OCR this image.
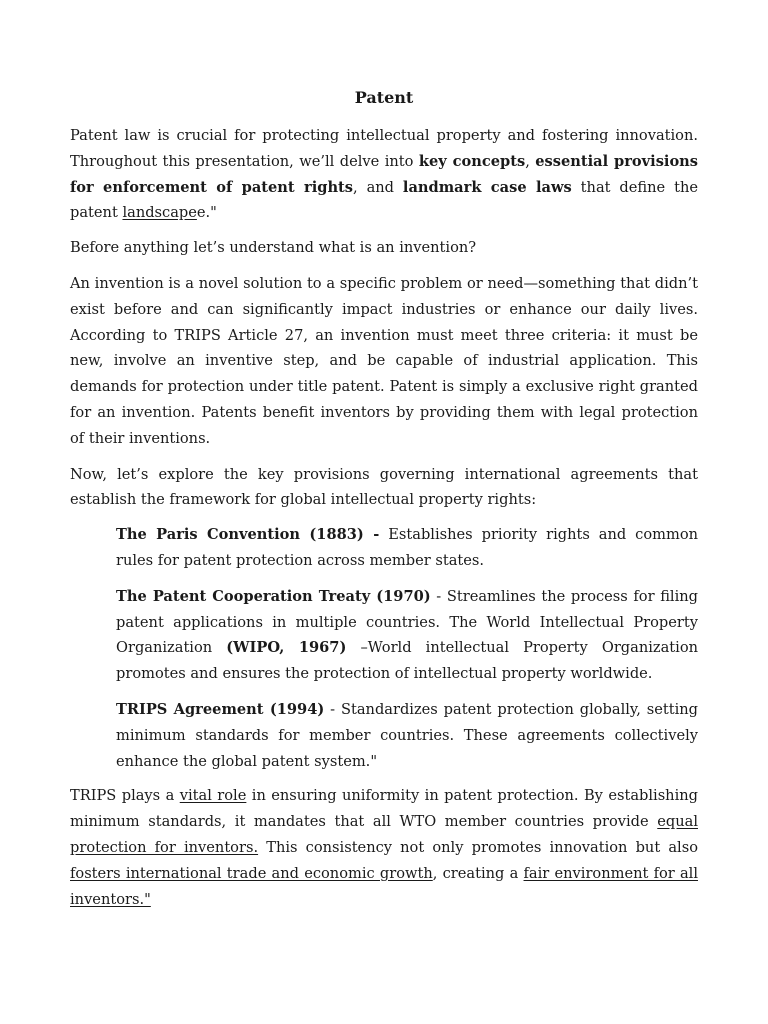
Patent

Patent law is crucial for protecting intellectual property and fostering innovation. Throughout this presentation, we’ll delve into key concepts, essential provisions for enforcement of patent rights, and landmark case laws that define the patent landscapee."

Before anything let’s understand what is an invention?

An invention is a novel solution to a specific problem or need—something that didn’t exist before and can significantly impact industries or enhance our daily lives. According to TRIPS Article 27, an invention must meet three criteria: it must be new, involve an inventive step, and be capable of industrial application. This demands for protection under title patent. Patent is simply a exclusive right granted for an invention. Patents benefit inventors by providing them with legal protection of their inventions.

Now, let’s explore the key provisions governing international agreements that establish the framework for global intellectual property rights:

The Paris Convention (1883) - Establishes priority rights and common rules for patent protection across member states.

The Patent Cooperation Treaty (1970) - Streamlines the process for filing patent applications in multiple countries. The World Intellectual Property Organization (WIPO, 1967) –World intellectual Property Organization promotes and ensures the protection of intellectual property worldwide.

TRIPS Agreement (1994) - Standardizes patent protection globally, setting minimum standards for member countries. These agreements collectively enhance the global patent system."

TRIPS plays a vital role in ensuring uniformity in patent protection. By establishing minimum standards, it mandates that all WTO member countries provide equal protection for inventors. This consistency not only promotes innovation but also fosters international trade and economic growth, creating a fair environment for all inventors."
